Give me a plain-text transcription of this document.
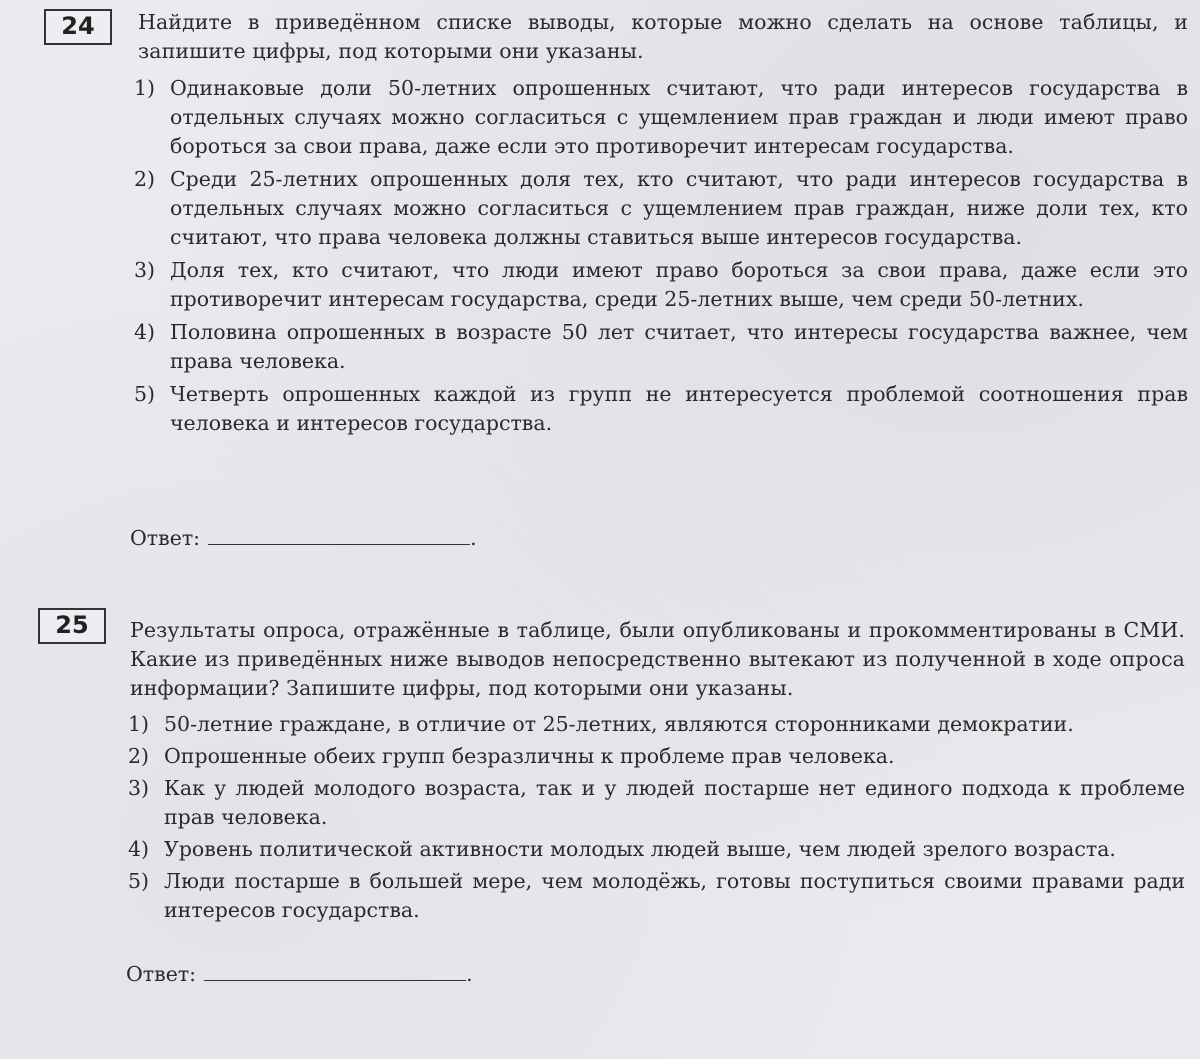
24	Найдите в приведённом списке выводы, которые можно сделать на основе таблицы, и запишите цифры, под которыми они указаны.
1) Одинаковые доли 50-летних опрошенных считают, что ради интересов государства в отдельных случаях можно согласиться с ущемлением прав граждан и люди имеют право бороться за свои права, даже если это противоречит интересам государства.
2) Среди 25-летних опрошенных доля тех, кто считают, что ради интересов государства в отдельных случаях можно согласиться с ущемлением прав граждан, ниже доли тех, кто считают, что права человека должны ставиться выше интересов государства.
3) Доля тех, кто считают, что люди имеют право бороться за свои права, даже если это противоречит интересам государства, среди 25-летних выше, чем среди 50-летних.
4) Половина опрошенных в возрасте 50 лет считает, что интересы государства важнее, чем права человека.
5) Четверть опрошенных каждой из групп не интересуется проблемой соотношения прав человека и интересов государства.
Ответ:	.
25	Результаты опроса, отражённые в таблице, были опубликованы и прокомментированы в СМИ. Какие из приведённых ниже выводов непосредственно вытекают из полученной в ходе опроса информации? Запишите цифры, под которыми они указаны.
1) 50-летние граждане, в отличие от 25-летних, являются сторонниками демократии.
2) Опрошенные обеих групп безразличны к проблеме прав человека.
3) Как у людей молодого возраста, так и у людей постарше нет единого подхода к проблеме прав человека.
4) Уровень политической активности молодых людей выше, чем людей зрелого возраста.
5) Люди постарше в большей мере, чем молодёжь, готовы поступиться своими правами ради интересов государства.
Ответ:	.
